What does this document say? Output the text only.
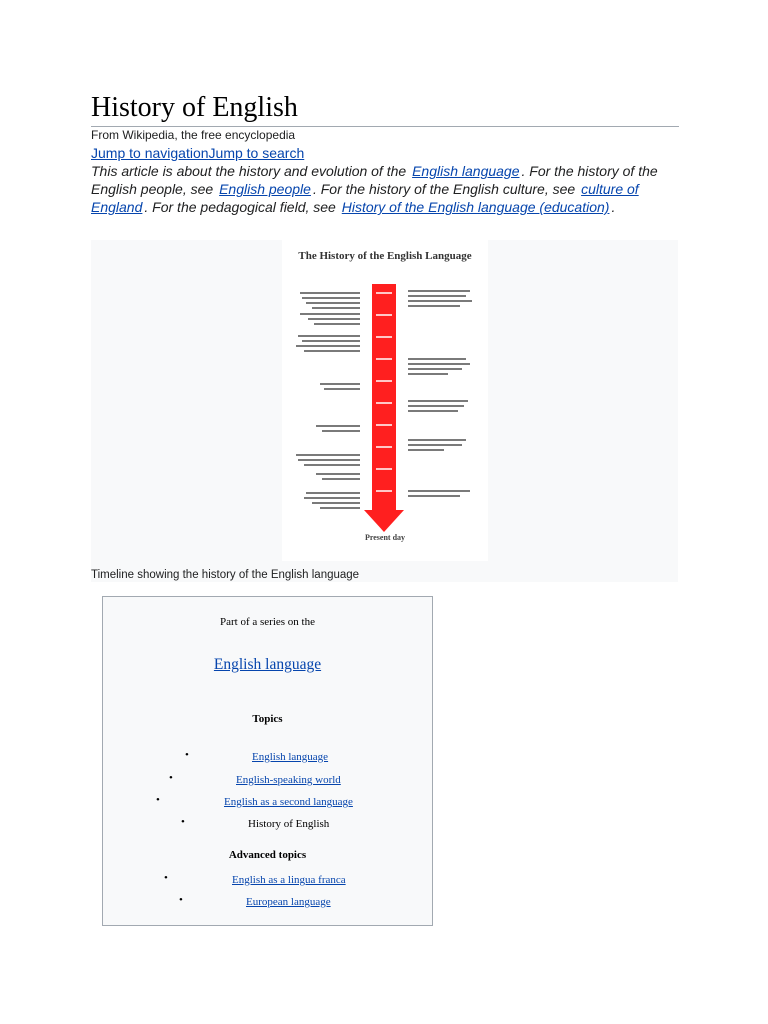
History of English
From Wikipedia, the free encyclopedia
Jump to navigationJump to search

This article is about the history and evolution of the English language . For the history of the English people, see English people . For the history of the English culture, see culture of England . For the pedagogical field, see History of the English language (education) .

The History of the English Language
Present day
Timeline showing the history of the English language
Part of a series on the
English language
Topics
•	English language
•	English-speaking world
•	English as a second language
•	History of English
Advanced topics
•	English as a lingua franca
•	European language
